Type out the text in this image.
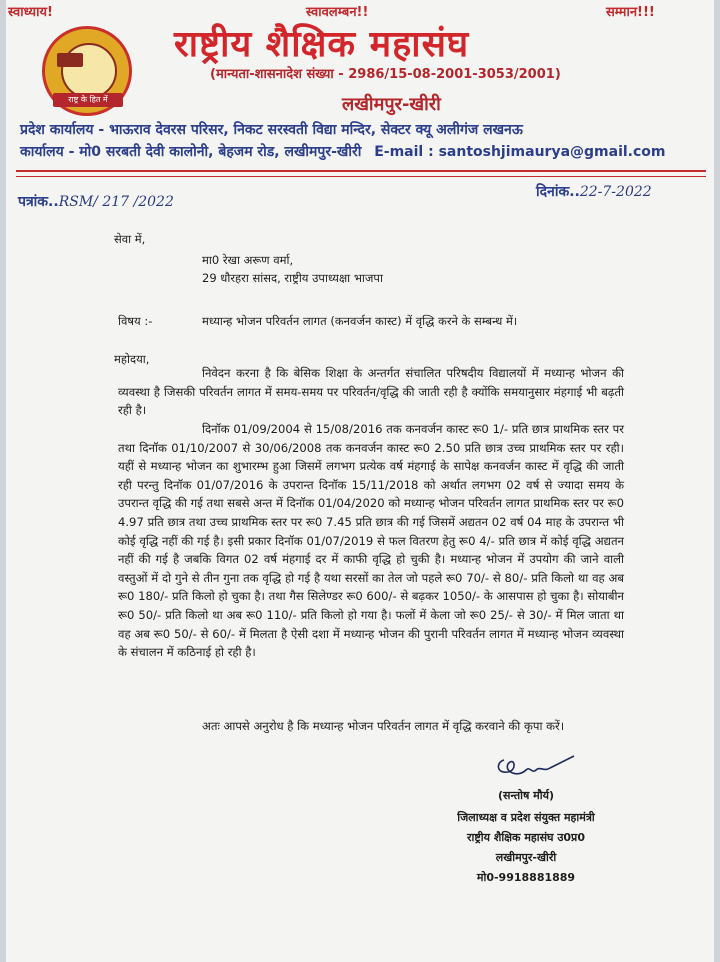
स्वाध्याय!	स्वावलम्बन!!	सम्मान!!!
राष्ट्र के हित में
राष्ट्रीय शैक्षिक महासंघ
(मान्यता-शासनादेश संख्या - 2986/15-08-2001-3053/2001)
लखीमपुर-खीरी
प्रदेश कार्यालय - भाऊराव देवरस परिसर, निकट सरस्वती विद्या मन्दिर, सेक्टर क्यू अलीगंज लखनऊ
कार्यालय - मो0 सरबती देवी कालोनी, बेहजम रोड, लखीमपुर-खीरी E-mail : santoshjimaurya@gmail.com
पत्रांक..RSM/ 217 /2022
दिनांक..22-7-2022
सेवा में,
मा0 रेखा अरूण वर्मा,
29 धौरहरा सांसद, राष्ट्रीय उपाध्यक्षा भाजपा
विषय :-	मध्यान्ह भोजन परिवर्तन लागत (कनवर्जन कास्ट) में वृद्धि करने के सम्बन्ध में।
महोदया,
निवेदन करना है कि बेसिक शिक्षा के अन्तर्गत संचालित परिषदीय विद्यालयों में मध्यान्ह भोजन की व्यवस्था है जिसकी परिवर्तन लागत में समय-समय पर परिवर्तन/वृद्धि की जाती रही है क्योंकि समयानुसार मंहगाई भी बढ़ती रही है।
दिनॉक 01/09/2004 से 15/08/2016 तक कनवर्जन कास्ट रू0 1/- प्रति छात्र प्राथमिक स्तर पर तथा दिनॉक 01/10/2007 से 30/06/2008 तक कनवर्जन कास्ट रू0 2.50 प्रति छात्र उच्च प्राथमिक स्तर पर रही। यहीं से मध्यान्ह भोजन का शुभारम्भ हुआ जिसमें लगभग प्रत्येक वर्ष मंहगाई के सापेक्ष कनवर्जन कास्ट में वृद्धि की जाती रही परन्तु दिनॉक 01/07/2016 के उपरान्त दिनॉक 15/11/2018 को अर्थात लगभग 02 वर्ष से ज्यादा समय के उपरान्त वृद्धि की गई तथा सबसे अन्त में दिनॉक 01/04/2020 को मध्यान्ह भोजन परिवर्तन लागत प्राथमिक स्तर पर रू0 4.97 प्रति छात्र तथा उच्च प्राथमिक स्तर पर रू0 7.45 प्रति छात्र की गई जिसमें अद्यतन 02 वर्ष 04 माह के उपरान्त भी कोई वृद्धि नहीं की गई है। इसी प्रकार दिनॉक 01/07/2019 से फल वितरण हेतु रू0 4/- प्रति छात्र में कोई वृद्धि अद्यतन नहीं की गई है जबकि विगत 02 वर्ष मंहगाई दर में काफी वृद्धि हो चुकी है। मध्यान्ह भोजन में उपयोग की जाने वाली वस्तुओं में दो गुने से तीन गुना तक वृद्धि हो गई है यथा सरसों का तेल जो पहले रू0 70/- से 80/- प्रति किलो था वह अब रू0 180/- प्रति किलो हो चुका है। तथा गैस सिलेण्डर रू0 600/- से बढ़कर 1050/- के आसपास हो चुका है। सोयाबीन रू0 50/- प्रति किलो था अब रू0 110/- प्रति किलो हो गया है। फलों में केला जो रू0 25/- से 30/- में मिल जाता था वह अब रू0 50/- से 60/- में मिलता है ऐसी दशा में मध्यान्ह भोजन की पुरानी परिवर्तन लागत में मध्यान्ह भोजन व्यवस्था के संचालन में कठिनाई हो रही है।
अतः आपसे अनुरोध है कि मध्यान्ह भोजन परिवर्तन लागत में वृद्धि करवाने की कृपा करें।
(सन्तोष मौर्य)
जिलाध्यक्ष व प्रदेश संयुक्त महामंत्री
राष्ट्रीय शैक्षिक महासंघ उ0प्र0
लखीमपुर-खीरी
मो0-9918881889
